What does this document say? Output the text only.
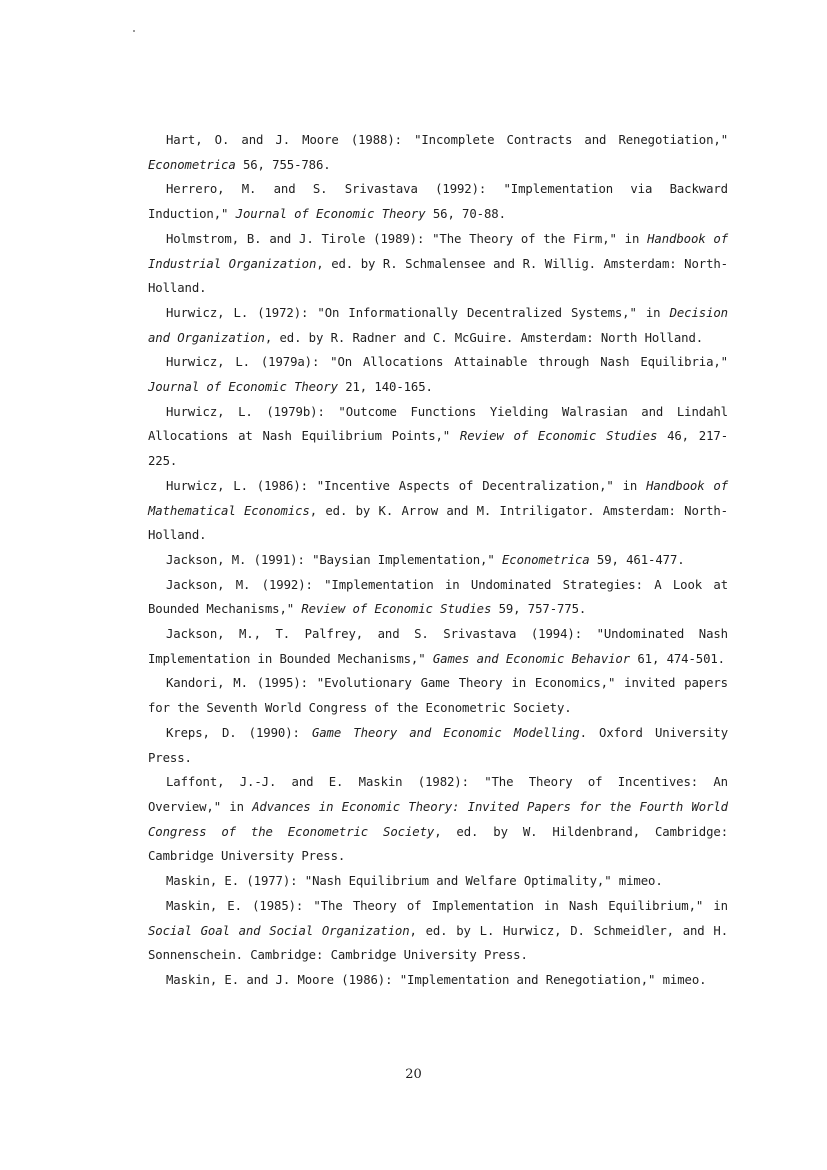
Hart, O. and J. Moore (1988): "Incomplete Contracts and Renegotiation," Econometrica 56, 755-786.

Herrero, M. and S. Srivastava (1992): "Implementation via Backward Induction," Journal of Economic Theory 56, 70-88.

Holmstrom, B. and J. Tirole (1989): "The Theory of the Firm," in Handbook of Industrial Organization, ed. by R. Schmalensee and R. Willig. Amsterdam: North-Holland.

Hurwicz, L. (1972): "On Informationally Decentralized Systems," in Decision and Organization, ed. by R. Radner and C. McGuire. Amsterdam: North Holland.

Hurwicz, L. (1979a): "On Allocations Attainable through Nash Equilibria," Journal of Economic Theory 21, 140-165.

Hurwicz, L. (1979b): "Outcome Functions Yielding Walrasian and Lindahl Allocations at Nash Equilibrium Points," Review of Economic Studies 46, 217-225.

Hurwicz, L. (1986): "Incentive Aspects of Decentralization," in Handbook of Mathematical Economics, ed. by K. Arrow and M. Intriligator. Amsterdam: North-Holland.

Jackson, M. (1991): "Baysian Implementation," Econometrica 59, 461-477.

Jackson, M. (1992): "Implementation in Undominated Strategies: A Look at Bounded Mechanisms," Review of Economic Studies 59, 757-775.

Jackson, M., T. Palfrey, and S. Srivastava (1994): "Undominated Nash Implementation in Bounded Mechanisms," Games and Economic Behavior 61, 474-501.

Kandori, M. (1995): "Evolutionary Game Theory in Economics," invited papers for the Seventh World Congress of the Econometric Society.

Kreps, D. (1990): Game Theory and Economic Modelling. Oxford University Press.

Laffont, J.-J. and E. Maskin (1982): "The Theory of Incentives: An Overview," in Advances in Economic Theory: Invited Papers for the Fourth World Congress of the Econometric Society, ed. by W. Hildenbrand, Cambridge: Cambridge University Press.

Maskin, E. (1977): "Nash Equilibrium and Welfare Optimality," mimeo.

Maskin, E. (1985): "The Theory of Implementation in Nash Equilibrium," in Social Goal and Social Organization, ed. by L. Hurwicz, D. Schmeidler, and H. Sonnenschein. Cambridge: Cambridge University Press.

Maskin, E. and J. Moore (1986): "Implementation and Renegotiation," mimeo.

20
